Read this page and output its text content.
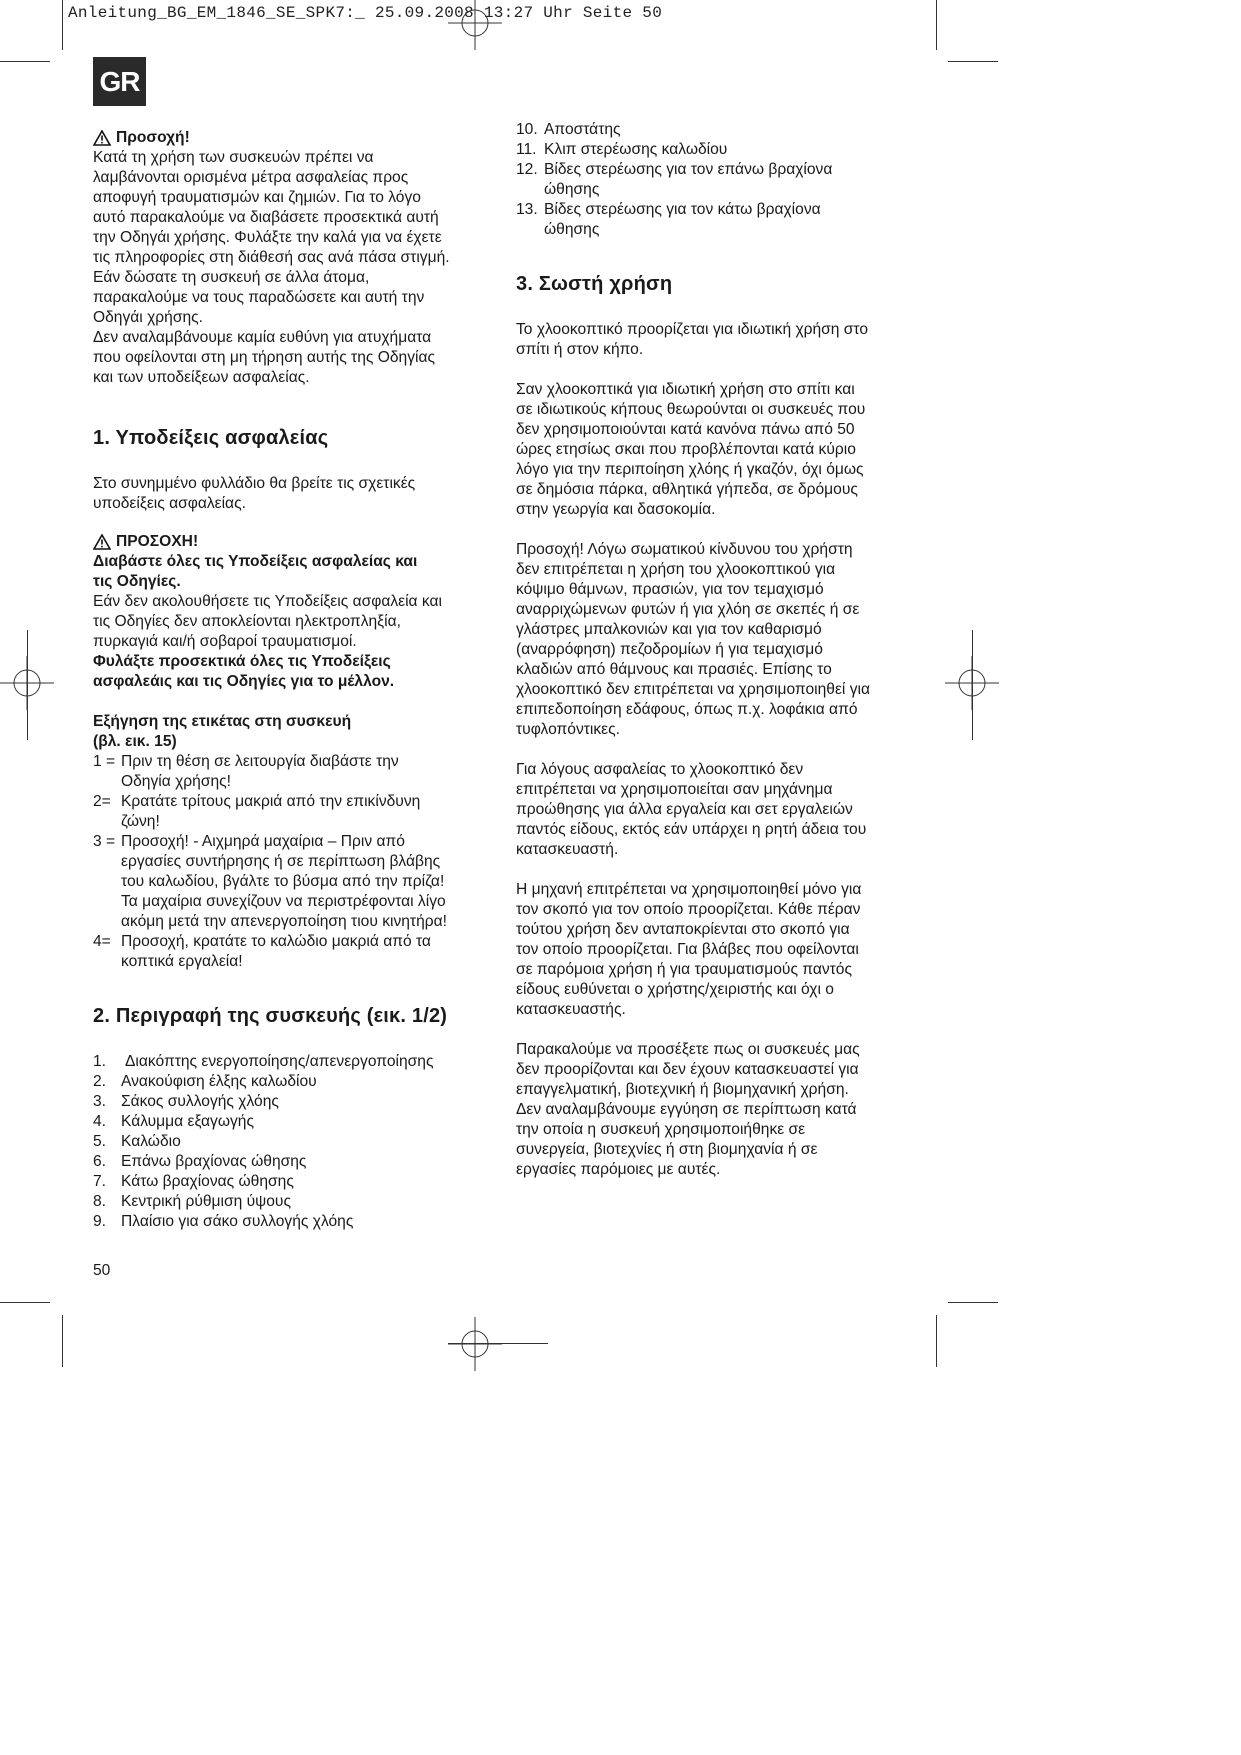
Anleitung_BG_EM_1846_SE_SPK7:_ 25.09.2008 13:27 Uhr Seite 50
GR
Προσοχή!

Κατά τη χρήση των συσκευών πρέπει να

λαμβάνονται ορισμένα μέτρα ασφαλείας προς

αποφυγή τραυματισμών και ζημιών. Για το λόγο

αυτό παρακαλούμε να διαβάσετε προσεκτικά αυτή

την Οδηγάι χρήσης. Φυλάξτε την καλά για να έχετε

τις πληροφορίες στη διάθεσή σας ανά πάσα στιγμή.

Εάν δώσατε τη συσκευή σε άλλα άτομα,

παρακαλούμε να τους παραδώσετε και αυτή την

Οδηγάι χρήσης.

Δεν αναλαμβάνουμε καμία ευθύνη για ατυχήματα

που οφείλονται στη μη τήρηση αυτής της Οδηγίας

και των υποδείξεων ασφαλείας.

1. Υποδείξεις ασφαλείας

Στο συνημμένο φυλλάδιο θα βρείτε τις σχετικές

υποδείξεις ασφαλείας.

ΠΡΟΣΟΧΗ!

Διαβάστε όλες τις Υποδείξεις ασφαλείας και

τις Οδηγίες.

Εάν δεν ακολουθήσετε τις Υποδείξεις ασφαλεία και

τις Οδηγίες δεν αποκλείονται ηλεκτροπληξία,

πυρκαγιά και/ή σοβαροί τραυματισμοί.

Φυλάξτε προσεκτικά όλες τις Υποδείξεις

ασφαλεάις και τις Οδηγίες για το μέλλον.

Εξήγηση της ετικέτας στη συσκευή

(βλ. εικ. 15)

1 = Πριν τη θέση σε λειτουργία διαβάστε την

Οδηγία χρήσης!

2= Κρατάτε τρίτους μακριά από την επικίνδυνη

ζώνη!

3 = Προσοχή! - Αιχμηρά μαχαίρια – Πριν από

εργασίες συντήρησης ή σε περίπτωση βλάβης

του καλωδίου, βγάλτε το βύσμα από την πρίζα!

Τα μαχαίρια συνεχίζουν να περιστρέφονται λίγο

ακόμη μετά την απενεργοποίηση τιου κινητήρα!

4= Προσοχή, κρατάτε το καλώδιο μακριά από τα

κοπτικά εργαλεία!

2. Περιγραφή της συσκευής (εικ. 1/2)
1.	Διακόπτης ενεργοποίησης/απενεργοποίησης
2. Ανακούφιση έλξης καλωδίου
3. Σάκος συλλογής χλόης
4. Κάλυμμα εξαγωγής
5. Καλώδιο
6. Επάνω βραχίονας ώθησης
7. Κάτω βραχίονας ώθησης
8. Κεντρική ρύθμιση ύψους
9. Πλαίσιο για σάκο συλλογής χλόης
10. Αποστάτης

11. Κλιπ στερέωσης καλωδίου

12. Βίδες στερέωσης για τον επάνω βραχίονα

ώθησης

13. Βίδες στερέωσης για τον κάτω βραχίονα

ώθησης

3. Σωστή χρήση

Το χλοοκοπτικό προορίζεται για ιδιωτική χρήση στο

σπίτι ή στον κήπο.

Σαν χλοοκοπτικά για ιδιωτική χρήση στο σπίτι και

σε ιδιωτικούς κήπους θεωρούνται οι συσκευές που

δεν χρησιμοποιούνται κατά κανόνα πάνω από 50

ώρες ετησίως σκαι που προβλέπονται κατά κύριο

λόγο για την περιποίηση χλόης ή γκαζόν, όχι όμως

σε δημόσια πάρκα, αθλητικά γήπεδα, σε δρόμους

στην γεωργία και δασοκομία.

Προσοχή! Λόγω σωματικού κίνδυνου του χρήστη

δεν επιτρέπεται η χρήση του χλοοκοπτικού για

κόψιμο θάμνων, πρασιών, για τον τεμαχισμό

αναρριχώμενων φυτών ή για χλόη σε σκεπές ή σε

γλάστρες μπαλκονιών και για τον καθαρισμό

(αναρρόφηση) πεζοδρομίων ή για τεμαχισμό

κλαδιών από θάμνους και πρασιές. Επίσης το

χλοοκοπτικό δεν επιτρέπεται να χρησιμοποιηθεί για

επιπεδοποίηση εδάφους, όπως π.χ. λοφάκια από

τυφλοπόντικες.

Για λόγους ασφαλείας το χλοοκοπτικό δεν

επιτρέπεται να χρησιμοποιείται σαν μηχάνημα

προώθησης για άλλα εργαλεία και σετ εργαλειών

παντός είδους, εκτός εάν υπάρχει η ρητή άδεια του

κατασκευαστή.

Η μηχανή επιτρέπεται να χρησιμοποιηθεί μόνο για

τον σκοπό για τον οποίο προορίζεται. Κάθε πέραν

τούτου χρήση δεν ανταποκρίενται στο σκοπό για

τον οποίο προορίζεται. Για βλάβες που οφείλονται

σε παρόμοια χρήση ή για τραυματισμούς παντός

είδους ευθύνεται ο χρήστης/χειριστής και όχι ο

κατασκευαστής.

Παρακαλούμε να προσέξετε πως οι συσκευές μας

δεν προορίζονται και δεν έχουν κατασκευαστεί για

επαγγελματική, βιοτεχνική ή βιομηχανική χρήση.

Δεν αναλαμβάνουμε εγγύηση σε περίπτωση κατά

την οποία η συσκευή χρησιμοποιήθηκε σε

συνεργεία, βιοτεχνίες ή στη βιομηχανία ή σε

εργασίες παρόμοιες με αυτές.

50
